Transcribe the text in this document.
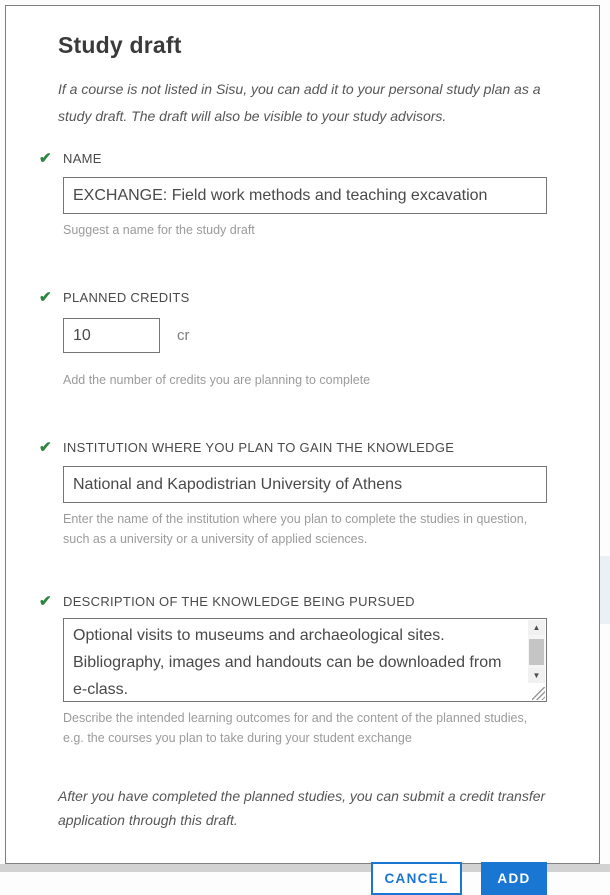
Study draft

If a course is not listed in Sisu, you can add it to your personal study plan as a study draft. The draft will also be visible to your study advisors.

✔ NAME
EXCHANGE: Field work methods and teaching excavation
Suggest a name for the study draft
✔ PLANNED CREDITS
10
cr
Add the number of credits you are planning to complete
✔ INSTITUTION WHERE YOU PLAN TO GAIN THE KNOWLEDGE
National and Kapodistrian University of Athens
Enter the name of the institution where you plan to complete the studies in question, such as a university or a university of applied sciences.
✔ DESCRIPTION OF THE KNOWLEDGE BEING PURSUED
Optional visits to museums and archaeological sites. Bibliography, images and handouts can be downloaded from e-class.
▲
▼
Describe the intended learning outcomes for and the content of the planned studies, e.g. the courses you plan to take during your student exchange

After you have completed the planned studies, you can submit a credit transfer application through this draft.

CANCEL	ADD
